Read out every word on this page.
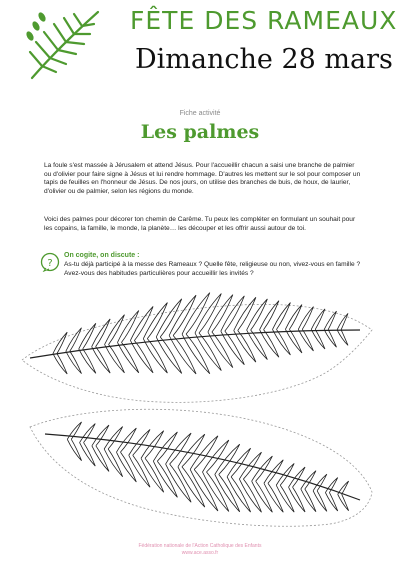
FÊTE DES RAMEAUX
Dimanche 28 mars
Fiche activité
Les palmes

La foule s'est massée à Jérusalem et attend Jésus. Pour l'accueillir chacun a saisi une branche de palmier ou d'olivier pour faire signe à Jésus et lui rendre hommage. D'autres les mettent sur le sol pour composer un tapis de feuilles en l'honneur de Jésus. De nos jours, on utilise des branches de buis, de houx, de laurier, d'olivier ou de palmier, selon les régions du monde.

Voici des palmes pour décorer ton chemin de Carême. Tu peux les compléter en formulant un souhait pour les copains, la famille, le monde, la planète… les découper et les offrir aussi autour de toi.

?
On cogite, on discute :

As-tu déjà participé à la messe des Rameaux ? Quelle fête, religieuse ou non, vivez-vous en famille ? Avez-vous des habitudes particulières pour accueillir les invités ?

Fédération nationale de l'Action Catholique des Enfants
www.ace.asso.fr
